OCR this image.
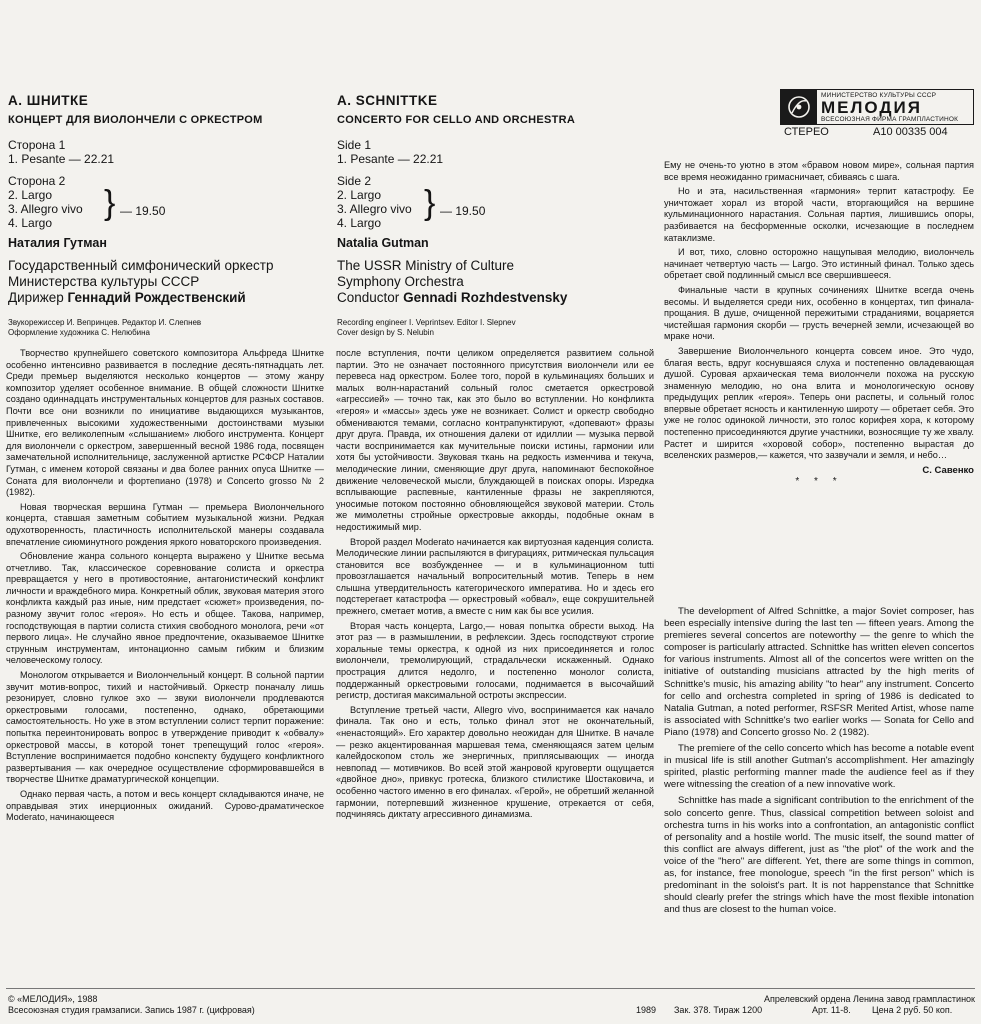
А. ШНИТКЕ
КОНЦЕРТ ДЛЯ ВИОЛОНЧЕЛИ С ОРКЕСТРОМ
Сторона 1
1. Pesante — 22.21
Сторона 2
2. Largo
3. Allegro vivo
4. Largo
} — 19.50
Наталия Гутман
Государственный симфонический оркестр
Министерства культуры СССР
Дирижер Геннадий Рождественский
Звукорежиссер И. Вепринцев. Редактор И. Слепнев
Оформление художника С. Нелюбина
A. SCHNITTKE
CONCERTO FOR CELLO AND ORCHESTRA
Side 1
1. Pesante — 22.21
Side 2
2. Largo
3. Allegro vivo
4. Largo
} — 19.50
Natalia Gutman
The USSR Ministry of Culture
Symphony Orchestra
Conductor Gennadi Rozhdestvensky
Recording engineer I. Veprintsev. Editor I. Slepnev
Cover design by S. Nelubin
МИНИСТЕРСТВО КУЛЬТУРЫ СССР
МЕЛОДИЯ
ВСЕСОЮЗНАЯ ФИРМА ГРАМПЛАСТИНОК
СТЕРЕО	А10 00335 004

Творчество крупнейшего советского композитора Альфреда Шнитке особенно интенсивно развивается в последние десять-пятнадцать лет. Среди премьер выделяются несколько концертов — этому жанру композитор уделяет особенное внимание. В общей сложности Шнитке создано одиннадцать инструментальных концертов для разных составов. Почти все они возникли по инициативе выдающихся музыкантов, привлеченных высокими художественными достоинствами музыки Шнитке, его великолепным «слышанием» любого инструмента. Концерт для виолончели с оркестром, завершенный весной 1986 года, посвящен замечательной исполнительнице, заслуженной артистке РСФСР Наталии Гутман, с именем которой связаны и два более ранних опуса Шнитке — Соната для виолончели и фортепиано (1978) и Concerto grosso № 2 (1982).

Новая творческая вершина Гутман — премьера Виолончельного концерта, ставшая заметным событием музыкальной жизни. Редкая одухотворенность, пластичность исполнительской манеры создавала впечатление сиюминутного рождения яркого новаторского произведения.

Обновление жанра сольного концерта выражено у Шнитке весьма отчетливо. Так, классическое соревнование солиста и оркестра превращается у него в противостояние, антагонистический конфликт личности и враждебного мира. Конкретный облик, звуковая материя этого конфликта каждый раз иные, ним предстает «сюжет» произведения, по-разному звучит голос «героя». Но есть и общее. Такова, например, господствующая в партии солиста стихия свободного монолога, речи «от первого лица». Не случайно явное предпочтение, оказываемое Шнитке струнным инструментам, интонационно самым гибким и близким человеческому голосу.

Монологом открывается и Виолончельный концерт. В сольной партии звучит мотив-вопрос, тихий и настойчивый. Оркестр поначалу лишь резонирует, словно гулкое эхо — звуки виолончели продлеваются оркестровыми голосами, постепенно, однако, обретающими самостоятельность. Но уже в этом вступлении солист терпит поражение: попытка переинтонировать вопрос в утверждение приводит к «обвалу» оркестровой массы, в которой тонет трепещущий голос «героя». Вступление воспринимается подобно конспекту будущего конфликтного развертывания — как очередное осуществление сформировавшейся в творчестве Шнитке драматургической концепции.

Однако первая часть, а потом и весь концерт складываются иначе, не оправдывая этих инерционных ожиданий. Сурово-драматическое Moderato, начинающееся

после вступления, почти целиком определяется развитием сольной партии. Это не означает постоянного присутствия виолончели или ее перевеса над оркестром. Более того, порой в кульминациях больших и малых волн-нарастаний сольный голос сметается оркестровой «агрессией» — точно так, как это было во вступлении. Но конфликта «героя» и «массы» здесь уже не возникает. Солист и оркестр свободно обмениваются темами, согласно контрапунктируют, «допевают» фразы друг друга. Правда, их отношения далеки от идиллии — музыка первой части воспринимается как мучительные поиски истины, гармонии или хотя бы устойчивости. Звуковая ткань на редкость изменчива и текуча, мелодические линии, сменяющие друг друга, напоминают беспокойное движение человеческой мысли, блуждающей в поисках опоры. Изредка всплывающие распевные, кантиленные фразы не закрепляются, уносимые потоком постоянно обновляющейся звуковой материи. Столь же мимолетны стройные оркестровые аккорды, подобные окнам в недостижимый мир.

Второй раздел Moderato начинается как виртуозная каденция солиста. Мелодические линии распыляются в фигурациях, ритмическая пульсация становится все возбужденнее — и в кульминационном tutti провозглашается начальный вопросительный мотив. Теперь в нем слышна утвердительность категорического императива. Но и здесь его подстерегает катастрофа — оркестровый «обвал», еще сокрушительней прежнего, сметает мотив, а вместе с ним как бы все усилия.

Вторая часть концерта, Largo,— новая попытка обрести выход. На этот раз — в размышлении, в рефлексии. Здесь господствуют строгие хоральные темы оркестра, к одной из них присоединяется и голос виолончели, тремолирующий, страдальчески искаженный. Однако прострация длится недолго, и постепенно монолог солиста, поддержанный оркестровыми голосами, поднимается в высочайший регистр, достигая максимальной остроты экспрессии.

Вступление третьей части, Allegro vivo, воспринимается как начало финала. Так оно и есть, только финал этот не окончательный, «ненастоящий». Его характер довольно неожидан для Шнитке. В начале — резко акцентированная маршевая тема, сменяющаяся затем целым калейдоскопом столь же энергичных, приплясывающих — иногда невпопад — мотивчиков. Во всей этой жанровой круговерти ощущается «двойное дно», привкус гротеска, близкого стилистике Шостаковича, и особенно частого именно в его финалах. «Герой», не обретший желанной гармонии, потерпевший жизненное крушение, отрекается от себя, подчиняясь диктату агрессивного динамизма.

Ему не очень-то уютно в этом «бравом новом мире», сольная партия все время неожиданно гримасничает, сбиваясь с шага.

Но и эта, насильственная «гармония» терпит катастрофу. Ее уничтожает хорал из второй части, вторгающийся на вершине кульминационного нарастания. Сольная партия, лишившись опоры, разбивается на бесформенные осколки, исчезающие в последнем катаклизме.

И вот, тихо, словно осторожно нащупывая мелодию, виолончель начинает четвертую часть — Largo. Это истинный финал. Только здесь обретает свой подлинный смысл все свершившееся.

Финальные части в крупных сочинениях Шнитке всегда очень весомы. И выделяется среди них, особенно в концертах, тип финала-прощания. В душе, очищенной пережитыми страданиями, воцаряется чистейшая гармония скорби — грусть вечерней земли, исчезающей во мраке ночи.

Завершение Виолончельного концерта совсем иное. Это чудо, благая весть, вдруг коснувшаяся слуха и постепенно овладевающая душой. Суровая архаическая тема виолончели похожа на русскую знаменную мелодию, но она влита и монологическую основу предыдущих реплик «героя». Теперь они распеты, и сольный голос впервые обретает ясность и кантиленную широту — обретает себя. Это уже не голос одинокой личности, это голос корифея хора, к которому постепенно присоединяются другие участники, возносящие ту же хвалу. Растет и ширится «хоровой собор», постепенно вырастая до вселенских размеров,— кажется, что зазвучали и земля, и небо…

С. Савенко
* * *

The development of Alfred Schnittke, a major Soviet composer, has been especially intensive during the last ten — fifteen years. Among the premieres several concertos are noteworthy — the genre to which the composer is particularly attracted. Schnittke has written eleven concertos for various instruments. Almost all of the concertos were written on the initiative of outstanding musicians attracted by the high merits of Schnittke's music, his amazing ability "to hear" any instrument. Concerto for cello and orchestra completed in spring of 1986 is dedicated to Natalia Gutman, a noted performer, RSFSR Merited Artist, whose name is associated with Schnittke's two earlier works — Sonata for Cello and Piano (1978) and Concerto grosso No. 2 (1982).

The premiere of the cello concerto which has become a notable event in musical life is still another Gutman's accomplishment. Her amazingly spirited, plastic performing manner made the audience feel as if they were witnessing the creation of a new innovative work.

Schnittke has made a significant contribution to the enrichment of the solo concerto genre. Thus, classical competition between soloist and orchestra turns in his works into a confrontation, an antagonistic conflict of personality and a hostile world. The music itself, the sound matter of this conflict are always different, just as "the plot" of the work and the voice of the "hero" are different. Yet, there are some things in common, as, for instance, free monologue, speech "in the first person" which is predominant in the soloist's part. It is not happenstance that Schnittke should clearly prefer the strings which have the most flexible intonation and thus are closest to the human voice.

© «МЕЛОДИЯ», 1988
Всесоюзная студия грамзаписи. Запись 1987 г. (цифровая)	1989 Зак. 378. Тираж 1200
Апрелевский ордена Ленина завод грампластинок
Арт. 11-8. Цена 2 руб. 50 коп.
